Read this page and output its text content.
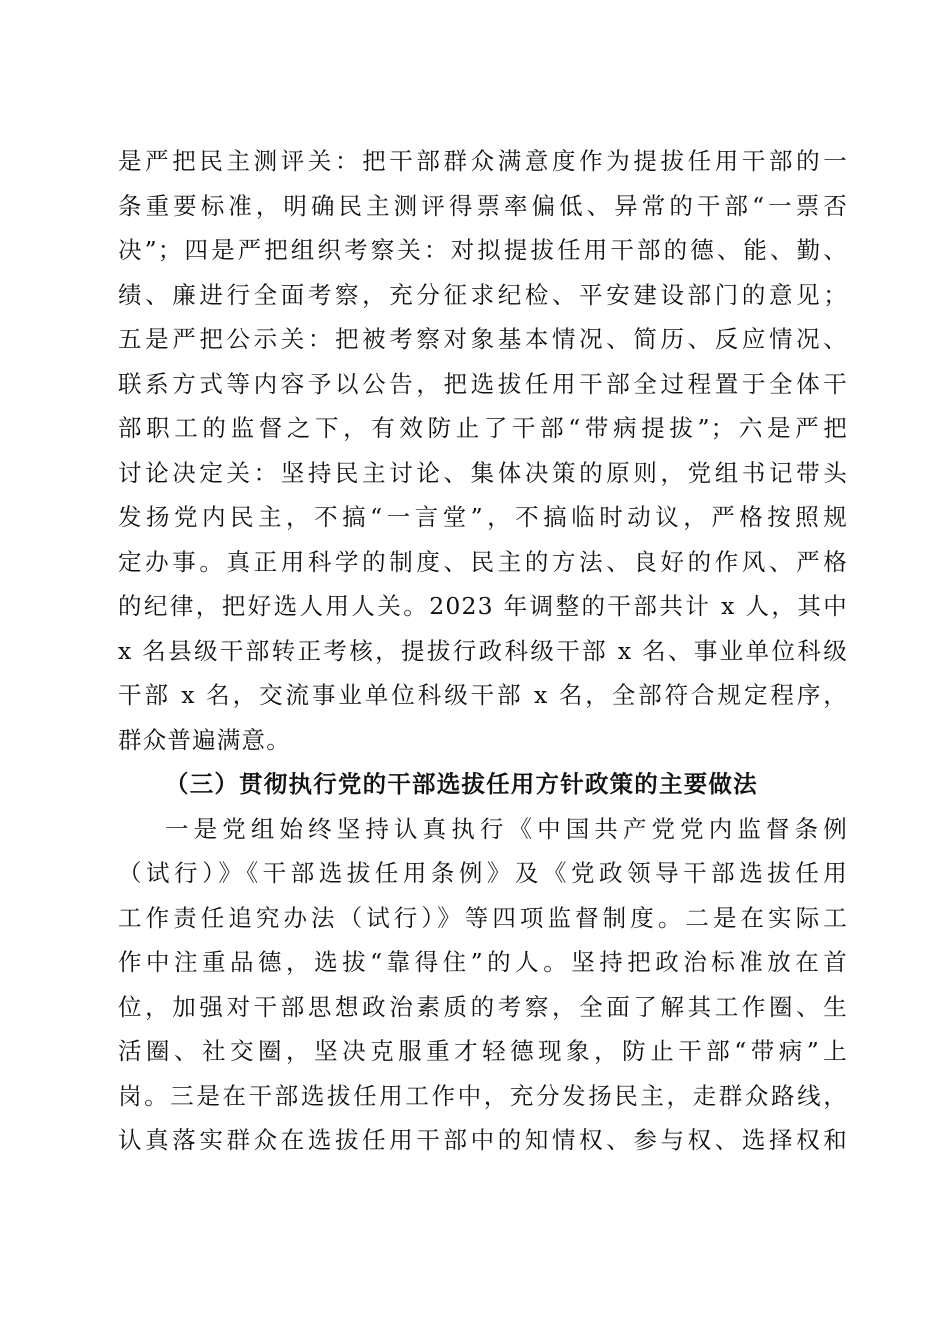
是严把民主测评关：把干部群众满意度作为提拔任用干部的一
条重要标准，明确民主测评得票率偏低、异常的干部“一票否
决”；四是严把组织考察关：对拟提拔任用干部的德、能、勤、
绩、廉进行全面考察，充分征求纪检、平安建设部门的意见；
五是严把公示关：把被考察对象基本情况、简历、反应情况、
联系方式等内容予以公告，把选拔任用干部全过程置于全体干
部职工的监督之下，有效防止了干部“带病提拔”；六是严把
讨论决定关：坚持民主讨论、集体决策的原则，党组书记带头
发扬党内民主，不搞“一言堂”，不搞临时动议，严格按照规
定办事。真正用科学的制度、民主的方法、良好的作风、严格
的纪律，把好选人用人关。2023 年调整的干部共计 x 人，其中
x 名县级干部转正考核，提拔行政科级干部 x 名、事业单位科级
干部 x 名，交流事业单位科级干部 x 名，全部符合规定程序，
群众普遍满意。
（三）贯彻执行党的干部选拔任用方针政策的主要做法
一是党组始终坚持认真执行《中国共产党党内监督条例
（试行）》《干部选拔任用条例》及《党政领导干部选拔任用
工作责任追究办法（试行）》等四项监督制度。二是在实际工
作中注重品德，选拔“靠得住”的人。坚持把政治标准放在首
位，加强对干部思想政治素质的考察，全面了解其工作圈、生
活圈、社交圈，坚决克服重才轻德现象，防止干部“带病”上
岗。三是在干部选拔任用工作中，充分发扬民主，走群众路线，
认真落实群众在选拔任用干部中的知情权、参与权、选择权和
